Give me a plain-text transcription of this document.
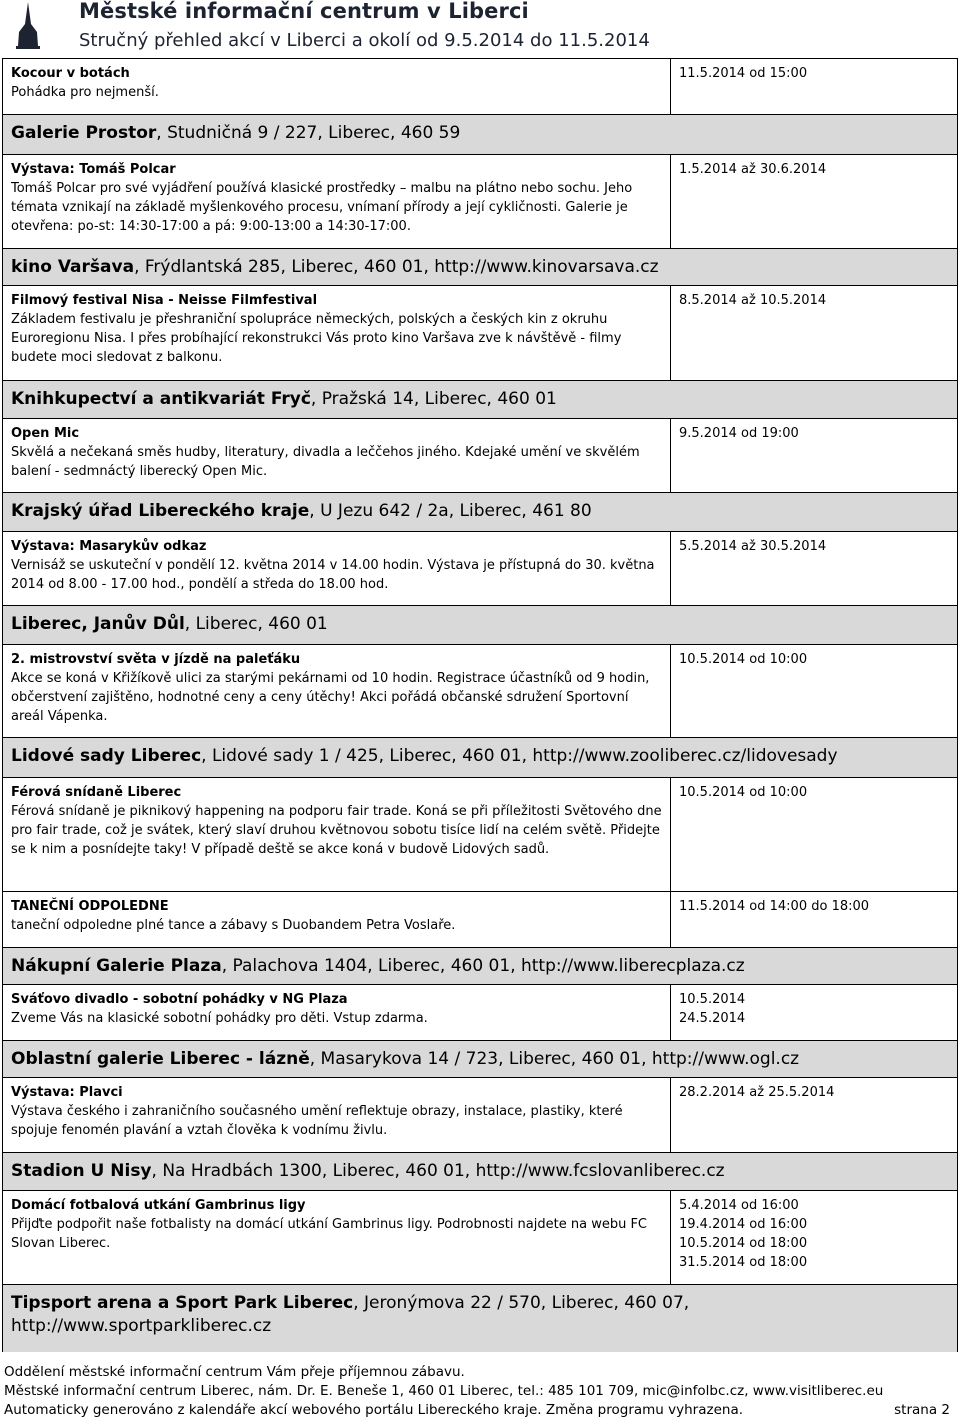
Městské informační centrum v Liberci
Stručný přehled akcí v Liberci a okolí od 9.5.2014 do 11.5.2014
Kocour v botách
Pohádka pro nejmenší.
11.5.2014 od 15:00
Galerie Prostor, Studničná 9 / 227, Liberec, 460 59
Výstava: Tomáš Polcar
Tomáš Polcar pro své vyjádření používá klasické prostředky – malbu na plátno nebo sochu. Jeho témata vznikají na základě myšlenkového procesu, vnímaní přírody a její cykličnosti. Galerie je otevřena: po-st: 14:30-17:00 a pá: 9:00-13:00 a 14:30-17:00.
1.5.2014 až 30.6.2014
kino Varšava, Frýdlantská 285, Liberec, 460 01, http://www.kinovarsava.cz
Filmový festival Nisa - Neisse Filmfestival
Základem festivalu je přeshraniční spolupráce německých, polských a českých kin z okruhu Euroregionu Nisa. I přes probíhající rekonstrukci Vás proto kino Varšava zve k návštěvě - filmy budete moci sledovat z balkonu.
8.5.2014 až 10.5.2014
Knihkupectví a antikvariát Fryč, Pražská 14, Liberec, 460 01
Open Mic
Skvělá a nečekaná směs hudby, literatury, divadla a leččehos jiného. Kdejaké umění ve skvělém balení - sedmnáctý liberecký Open Mic.
9.5.2014 od 19:00
Krajský úřad Libereckého kraje, U Jezu 642 / 2a, Liberec, 461 80
Výstava: Masarykův odkaz
Vernisáž se uskuteční v pondělí 12. května 2014 v 14.00 hodin. Výstava je přístupná do 30. května 2014 od 8.00 - 17.00 hod., pondělí a středa do 18.00 hod.
5.5.2014 až 30.5.2014
Liberec, Janův Důl, Liberec, 460 01
2. mistrovství světa v jízdě na paleťáku
Akce se koná v Křižíkově ulici za starými pekárnami od 10 hodin. Registrace účastníků od 9 hodin, občerstvení zajištěno, hodnotné ceny a ceny útěchy! Akci pořádá občanské sdružení Sportovní areál Vápenka.
10.5.2014 od 10:00
Lidové sady Liberec, Lidové sady 1 / 425, Liberec, 460 01, http://www.zooliberec.cz/lidovesady
Férová snídaně Liberec
Férová snídaně je piknikový happening na podporu fair trade. Koná se při příležitosti Světového dne pro fair trade, což je svátek, který slaví druhou květnovou sobotu tisíce lidí na celém světě. Přidejte se k nim a posnídejte taky! V případě deště se akce koná v budově Lidových sadů.
10.5.2014 od 10:00
TANEČNÍ ODPOLEDNE
taneční odpoledne plné tance a zábavy s Duobandem Petra Voslaře.
11.5.2014 od 14:00 do 18:00
Nákupní Galerie Plaza, Palachova 1404, Liberec, 460 01, http://www.liberecplaza.cz
Sváťovo divadlo - sobotní pohádky v NG Plaza
Zveme Vás na klasické sobotní pohádky pro děti. Vstup zdarma.
10.5.2014
24.5.2014
Oblastní galerie Liberec - lázně, Masarykova 14 / 723, Liberec, 460 01, http://www.ogl.cz
Výstava: Plavci
Výstava českého i zahraničního současného umění reflektuje obrazy, instalace, plastiky, které spojuje fenomén plavání a vztah člověka k vodnímu živlu.
28.2.2014 až 25.5.2014
Stadion U Nisy, Na Hradbách 1300, Liberec, 460 01, http://www.fcslovanliberec.cz
Domácí fotbalová utkání Gambrinus ligy
Přijďte podpořit naše fotbalisty na domácí utkání Gambrinus ligy. Podrobnosti najdete na webu FC Slovan Liberec.
5.4.2014 od 16:00
19.4.2014 od 16:00
10.5.2014 od 18:00
31.5.2014 od 18:00
Tipsport arena a Sport Park Liberec, Jeronýmova 22 / 570, Liberec, 460 07, http://www.sportparkliberec.cz
Oddělení městské informační centrum Vám přeje příjemnou zábavu.
Městské informační centrum Liberec, nám. Dr. E. Beneše 1, 460 01 Liberec, tel.: 485 101 709, mic@infolbc.cz, www.visitliberec.eu
Automaticky generováno z kalendáře akcí webového portálu Libereckého kraje. Změna programu vyhrazena.	strana 2
